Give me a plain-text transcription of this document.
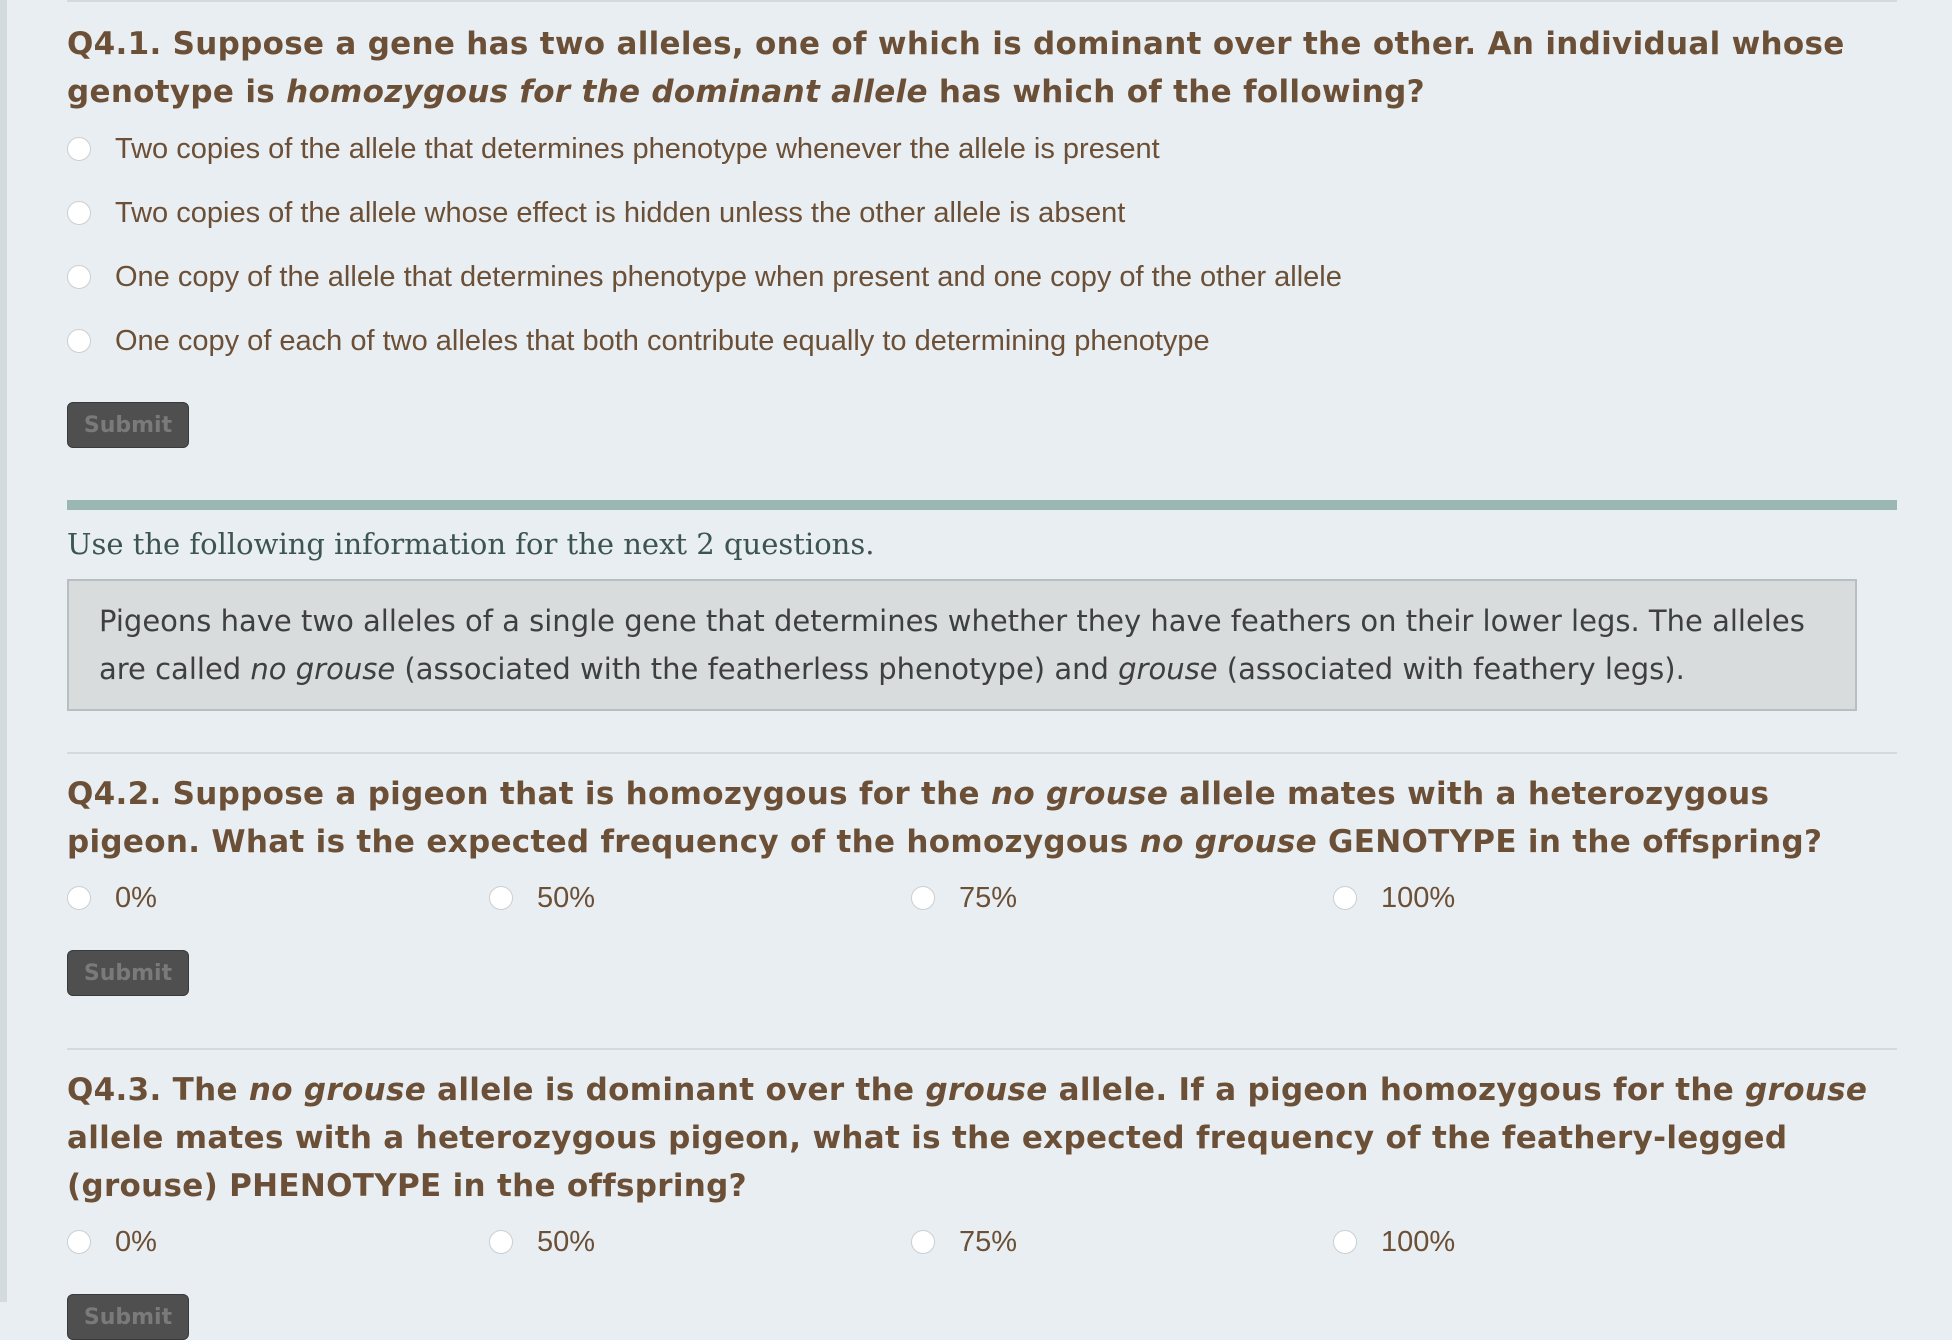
Q4.1. Suppose a gene has two alleles, one of which is dominant over the other. An individual whose genotype is homozygous for the dominant allele has which of the following?
Two copies of the allele that determines phenotype whenever the allele is present
Two copies of the allele whose effect is hidden unless the other allele is absent
One copy of the allele that determines phenotype when present and one copy of the other allele
One copy of each of two alleles that both contribute equally to determining phenotype
Submit
Use the following information for the next 2 questions.
Pigeons have two alleles of a single gene that determines whether they have feathers on their lower legs. The alleles are called no grouse (associated with the featherless phenotype) and grouse (associated with feathery legs).
Q4.2. Suppose a pigeon that is homozygous for the no grouse allele mates with a heterozygous pigeon. What is the expected frequency of the homozygous no grouse GENOTYPE in the offspring?
0%	50%	75%	100%
Submit
Q4.3. The no grouse allele is dominant over the grouse allele. If a pigeon homozygous for the grouse allele mates with a heterozygous pigeon, what is the expected frequency of the feathery-legged (grouse) PHENOTYPE in the offspring?
0%	50%	75%	100%
Submit
